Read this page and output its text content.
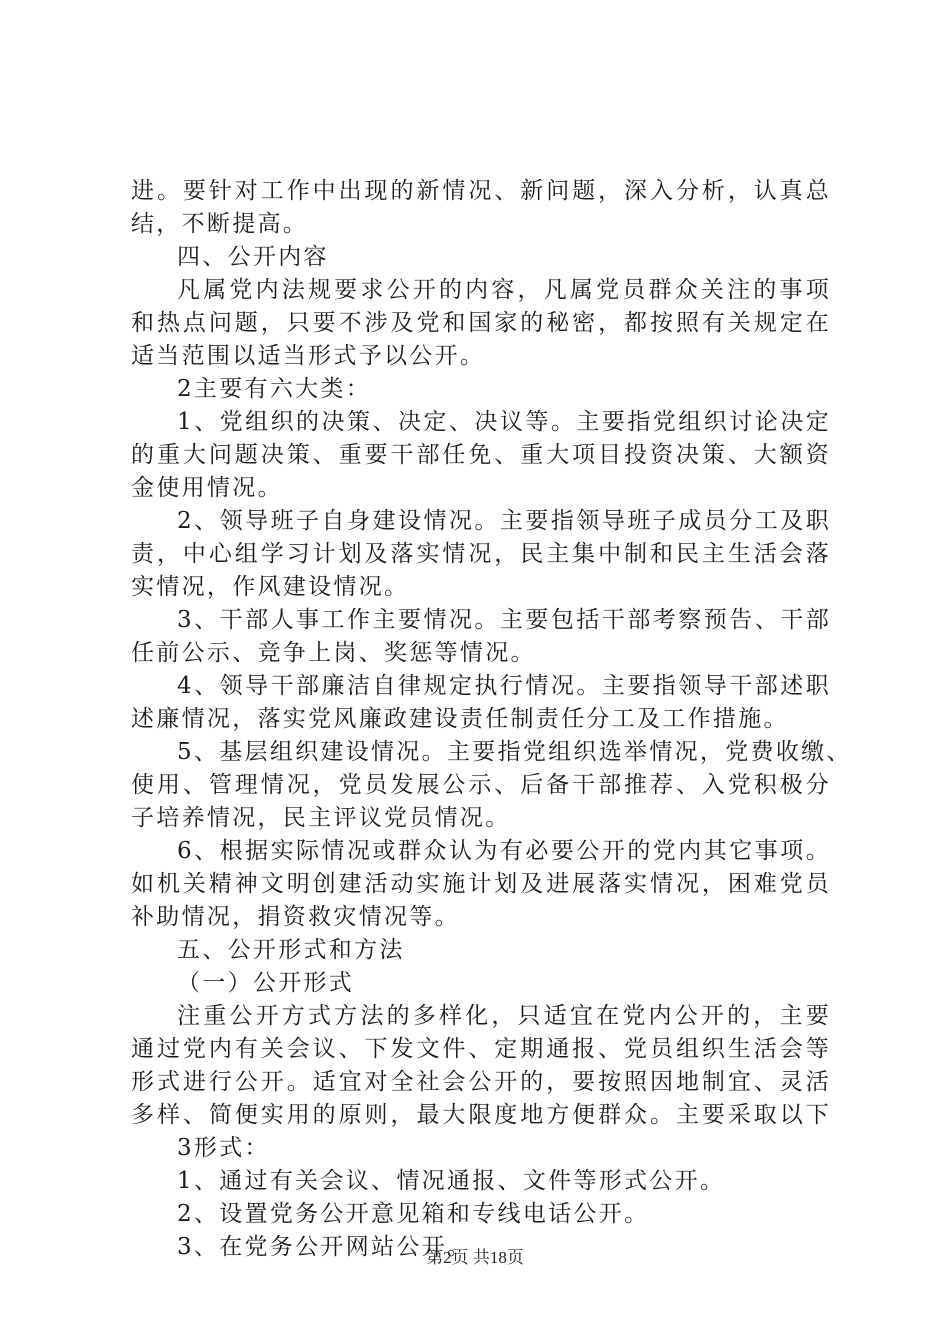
进。要针对工作中出现的新情况、新问题，深入分析，认真总
结，不断提高。
四、公开内容
凡属党内法规要求公开的内容，凡属党员群众关注的事项
和热点问题，只要不涉及党和国家的秘密，都按照有关规定在
适当范围以适当形式予以公开。
2主要有六大类：
1、党组织的决策、决定、决议等。主要指党组织讨论决定
的重大问题决策、重要干部任免、重大项目投资决策、大额资
金使用情况。
2、领导班子自身建设情况。主要指领导班子成员分工及职
责，中心组学习计划及落实情况，民主集中制和民主生活会落
实情况，作风建设情况。
3、干部人事工作主要情况。主要包括干部考察预告、干部
任前公示、竞争上岗、奖惩等情况。
4、领导干部廉洁自律规定执行情况。主要指领导干部述职
述廉情况，落实党风廉政建设责任制责任分工及工作措施。
5、基层组织建设情况。主要指党组织选举情况，党费收缴、
使用、管理情况，党员发展公示、后备干部推荐、入党积极分
子培养情况，民主评议党员情况。
6、根据实际情况或群众认为有必要公开的党内其它事项。
如机关精神文明创建活动实施计划及进展落实情况，困难党员
补助情况，捐资救灾情况等。
五、公开形式和方法
（一）公开形式
注重公开方式方法的多样化，只适宜在党内公开的，主要
通过党内有关会议、下发文件、定期通报、党员组织生活会等
形式进行公开。适宜对全社会公开的，要按照因地制宜、灵活
多样、简便实用的原则，最大限度地方便群众。主要采取以下
3形式：
1、通过有关会议、情况通报、文件等形式公开。
2、设置党务公开意见箱和专线电话公开。
3、在党务公开网站公开。
第2页 共18页
